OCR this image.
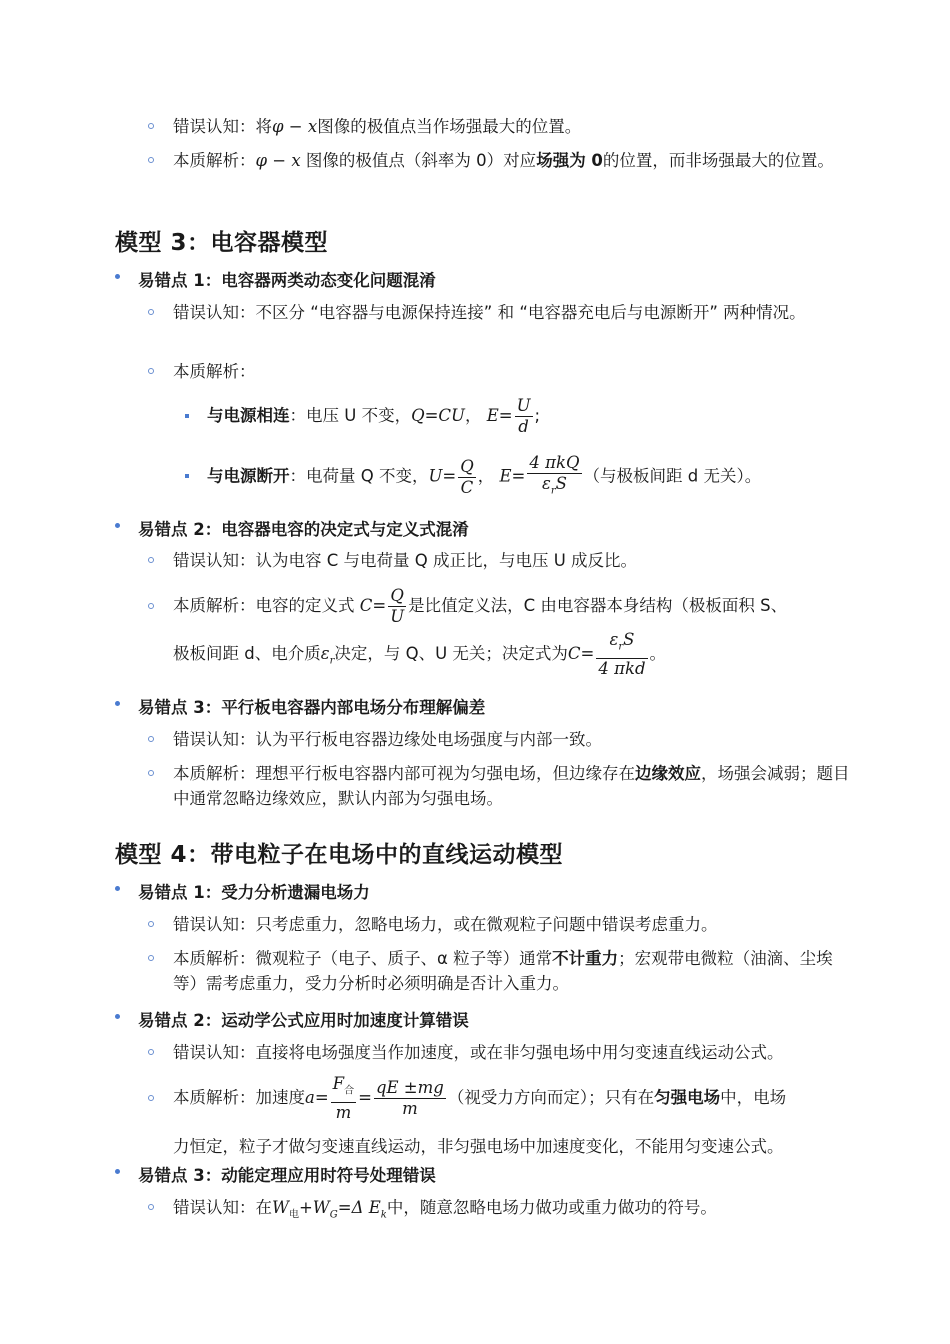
错误认知：将φ − x图像的极值点当作场强最大的位置。
本质解析：φ − x 图像的极值点（斜率为 0）对应场强为 0的位置，而非场强最大的位置。
模型 3：电容器模型
易错点 1：电容器两类动态变化问题混淆
错误认知：不区分 “电容器与电源保持连接” 和 “电容器充电后与电源断开” 两种情况。
本质解析：
与电源相连：电压 U 不变，Q=CU， $E= \frac{U}{d}$ ;
与电源断开：电荷量 Q 不变，$U= \frac{Q}{C}$ ， $E= \frac{\text{4 πkQ}}{\varepsilon_rS}$ （与极板间距 d 无关）。
易错点 2：电容器电容的决定式与定义式混淆
错误认知：认为电容 C 与电荷量 Q 成正比，与电压 U 成反比。
本质解析：电容的定义式 $C= \frac{Q}{U}$ 是比值定义法，C 由电容器本身结构（极板面积 S、
极板间距 d、电介质$\varepsilon_r$决定，与 Q、U 无关；决定式为$C= \frac{\varepsilon_rS}{\text{4 πkd}}$ 。
易错点 3：平行板电容器内部电场分布理解偏差
错误认知：认为平行板电容器边缘处电场强度与内部一致。
本质解析：理想平行板电容器内部可视为匀强电场，但边缘存在边缘效应，场强会减弱；题目中通常忽略边缘效应，默认内部为匀强电场。
模型 4：带电粒子在电场中的直线运动模型
易错点 1：受力分析遗漏电场力
错误认知：只考虑重力，忽略电场力，或在微观粒子问题中错误考虑重力。
本质解析：微观粒子（电子、质子、α 粒子等）通常不计重力；宏观带电微粒（油滴、尘埃等）需考虑重力，受力分析时必须明确是否计入重力。
易错点 2：运动学公式应用时加速度计算错误
错误认知：直接将电场强度当作加速度，或在非匀强电场中用匀变速直线运动公式。
本质解析：加速度$a= \frac{F_合}{m} = \frac{qE \pm mg}{m}$ （视受力方向而定）；只有在匀强电场中，电场
力恒定，粒子才做匀变速直线运动，非匀强电场中加速度变化，不能用匀变速公式。
易错点 3：动能定理应用时符号处理错误
错误认知：在$W_电+W_G=\Delta$ $E_k$中，随意忽略电场力做功或重力做功的符号。
